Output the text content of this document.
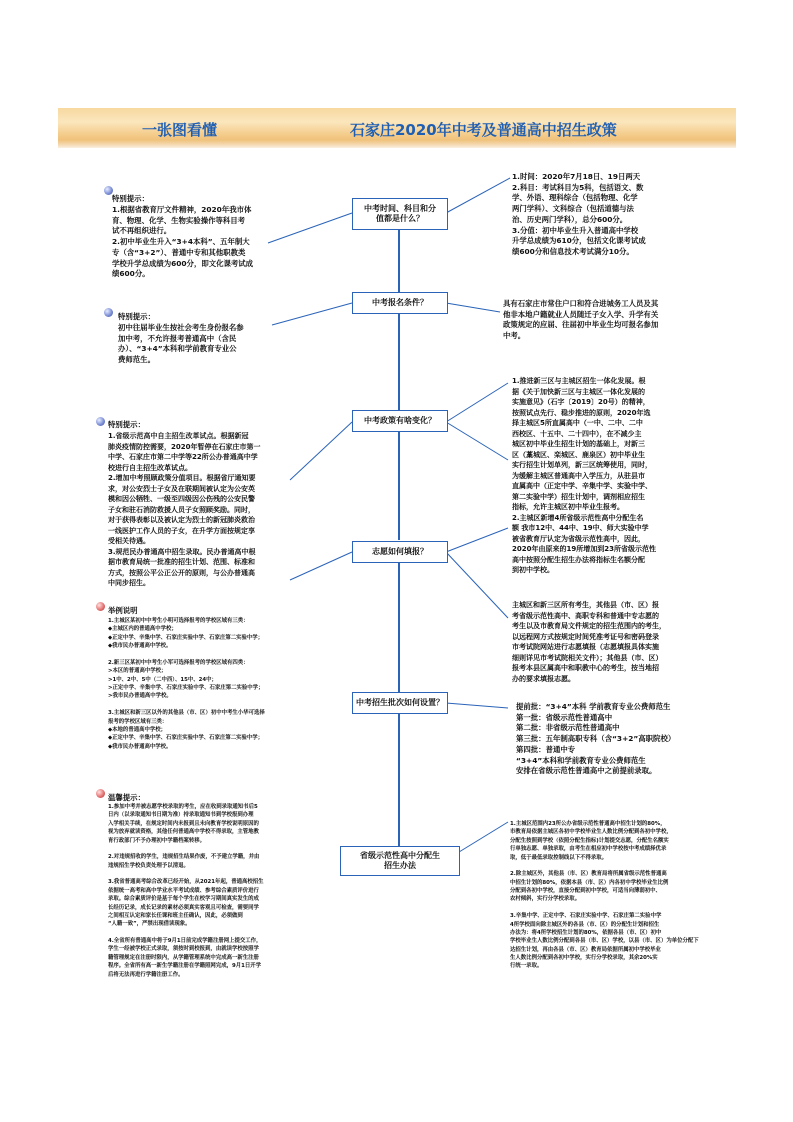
一张图看懂	石家庄2020年中考及普通高中招生政策
中考时间、科目和分
值都是什么？
中考报名条件？
中考政策有啥变化？
志愿如何填报？
中考招生批次如何设置？
省级示范性高中分配生
招生办法
特别提示：
1.根据省教育厅文件精神，2020年我市体
育、物理、化学、生物实验操作等科目考
试不再组织进行。
2.初中毕业生升入“3+4本科”、五年制大
专（含“3+2”）、普通中专和其他职教类
学校升学总成绩为600分，即文化课考试成
绩600分。
特别提示：
初中往届毕业生按社会考生身份报名参
加中考，不允许报考普通高中（含民
办）、“3+4”本科和学前教育专业公
费师范生。
特别提示：
1.省级示范高中自主招生改革试点。根据新冠
肺炎疫情防控需要，2020年暂停在石家庄市第一
中学、石家庄市第二中学等22所公办普通高中学
校进行自主招生改革试点。
2.增加中考照顾政策分值项目。根据省厅通知要
求，对公安烈士子女及在联期间被认定为公安英
模和因公牺牲、一级至四级因公伤残的公安民警
子女和驻石消防救援人员子女照顾奖励。同时，
对于获得表彰以及被认定为烈士的新冠肺炎救治
一线医护工作人员的子女，在升学方面按规定享
受相关待遇。
3.规范民办普通高中招生录取。民办普通高中根
据市教育局统一批准的招生计划、范围、标准和
方式，按照公平公正公开的原则，与公办普通高
中同步招生。
举例说明
1.主城区某初中中考生小明可选择报考的学校区域有三类：
◆主城区内的普通高中学校；
◆正定中学、辛集中学、石家庄实验中学、石家庄第二实验中学；
◆我市民办普通高中学校。

2.新三区某初中中考生小军可选择报考的学校区域有四类：
>本区的普通高中学校；
>1中、2中、5中（二中西）、15中、24中；
>正定中学、辛集中学、石家庄实验中学、石家庄第二实验中学；
>我市民办普通高中学校。

3.主城区和新三区以外的其他县（市、区）初中中考生小华可选择
报考的学校区域有三类：
◆本地的普通高中学校；
◆正定中学、辛集中学、石家庄实验中学、石家庄第二实验中学；
◆我市民办普通高中学校。
温馨提示：
1.参加中考并被志愿学校录取的考生，应在收到录取通知书后5
日内（以录取通知书日期为准）持录取通知书到学校报到办理
入学相关手续，在规定时间内未报到且未向教育学校说明原因的
视为放弃就读资格，其他任何普通高中学校不得录取，主管地教
育行政部门不予办理初中学籍档案转移。

2.对违规招收的学生，违规招生结果作废，不予建立学籍，并由
违规招生学校负责处理予以清退。

3.我省普通高考综合改革已经开始，从2021年起，普通高校招生
依据统一高考和高中学业水平考试成绩、参考综合素质评价进行
录取。综合素质评价是基于每个学生在校学习期间真实发生的成
长经历记录，成长记录的素材必须真实客观且可检查，需要同学
之间相互认定和家长任课和班主任确认，因此，必须做到
“人籍一致”，严禁出现借读现象。

4.全省所有普通高中将于9月1日前完成学籍注册网上提交工作，
学生一经被学校正式录取，须按时到校报到，由就读学校按照学
籍管理规定在注册时限内，从学籍管理系统中完成高一新生注册
程序。全省所有高一新生学籍注册在学籍照网完成，9月1日开学
后将无法再进行学籍注册工作。
1.时间：2020年7月18日、19日两天
2.科目：考试科目为5科，包括语文、数
学、外语、理科综合（包括物理、化学
两门学科）、文科综合（包括道德与法
治、历史两门学科），总分600分。
3.分值：初中毕业生升入普通高中学校
升学总成绩为610分，包括文化课考试成
绩600分和信息技术考试满分10分。
具有石家庄市常住户口和符合进城务工人员及其
他非本地户籍就业人员随迁子女入学、升学有关
政策规定的应届、往届初中毕业生均可报名参加
中考。
1.推进新三区与主城区招生一体化发展。根
据《关于加快新三区与主城区一体化发展的
实施意见》（石字〔2019〕20号）的精神，
按照试点先行、稳步推进的原则，2020年选
择主城区5所直属高中（一中、二中、二中
西校区、十五中、二十四中），在不减少主
城区初中毕业生招生计划的基础上，对新三
区（藁城区、栾城区、鹿泉区）初中毕业生
实行招生计划单列，新三区统筹使用，同时，
为缓解主城区普通高中入学压力，从驻县市
直属高中（正定中学、辛集中学、实验中学、
第二实验中学）招生计划中，调剂相应招生
指标，允许主城区初中毕业生报考。
2.主城区新增4所省级示范性高中分配生名
额 我市12中、44中、19中、师大实验中学
被省教育厅认定为省级示范性高中，因此，
2020年由原来的19所增加到23所省级示范性
高中按照分配生招生办法将指标生名额分配
到初中学校。
主城区和新三区所有考生，其他县（市、区）报
考省级示范性高中、高职专科和普通中专志愿的
考生以及市教育局文件规定的招生范围内的考生，
以远程网方式按规定时间凭准考证号和密码登录
市考试院网站进行志愿填报（志愿填报具体实施
细则详见市考试院相关文件）；其他县（市、区）
报考本县区属高中和职教中心的考生，按当地招
办的要求填报志愿。
提前批：“3+4”本科 学前教育专业公费师范生
第一批：省级示范性普通高中
第二批：非省级示范性普通高中
第三批：五年制高职专科（含“3+2”高职院校）
第四批：普通中专
“3+4”本科和学前教育专业公费师范生
安排在省级示范性普通高中之前提前录取。
1.主城区范围内23所公办省级示范性普通高中招生计划的80%，
市教育局依据主城区各初中学校毕业生人数比例分配到各初中学校，
分配生按照到学校（依照分配生指标)计划提交志愿，分配生名额实
行单独志愿、单独录取，由考生在相应初中学校按中考成绩择优录
取，低于最低录取控制线以下不得录取。

2.除主城区外，其他县（市、区）教育局将所属省级示范性普通高
中招生计划的80%，依据本县（市、区）内各初中学校毕业生比例
分配到各初中学校，直接分配到初中学校，可适当向薄弱初中、
农村倾斜，实行分学校录取。

3.辛集中学、正定中学、石家庄实验中学、石家庄第二实验中学
4所学校面向除主城区外的各县（市、区）的分配生计划和招生
办法为：将4所学校招生计划的80%，依据各县（市、区）初中
学校毕业生人数比例分配到各县（市、区）学校，以县（市、区）为单位分配下
达招生计划，再由各县（市、区）教育局依据所属初中学校毕业
生人数比例分配到各初中学校，实行分学校录取，其余20%实
行统一录取。
